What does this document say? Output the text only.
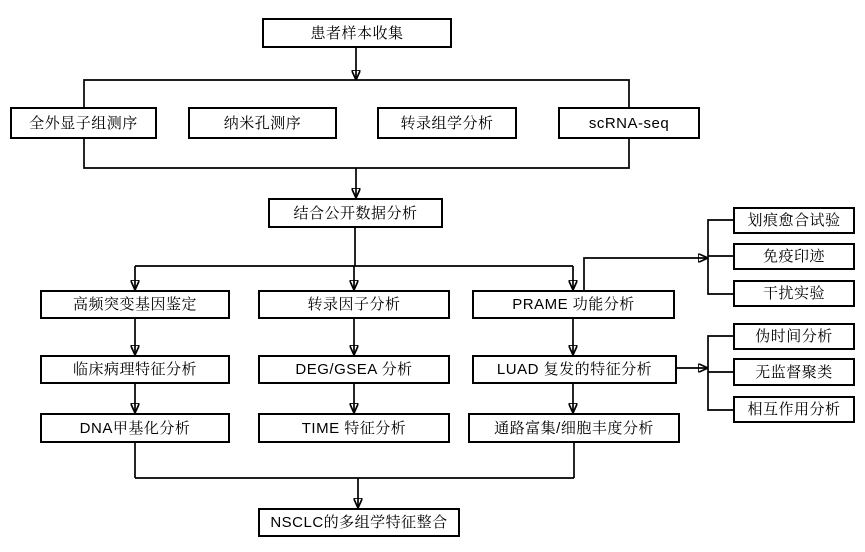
患者样本收集
全外显子组测序	纳米孔测序	转录组学分析	scRNA-seq
结合公开数据分析
高频突变基因鉴定	转录因子分析	PRAME 功能分析
临床病理特征分析	DEG/GSEA 分析	LUAD 复发的特征分析
DNA甲基化分析	TIME 特征分析	通路富集/细胞丰度分析
划痕愈合试验
免疫印迹
干扰实验
伪时间分析
无监督聚类
相互作用分析
NSCLC的多组学特征整合
